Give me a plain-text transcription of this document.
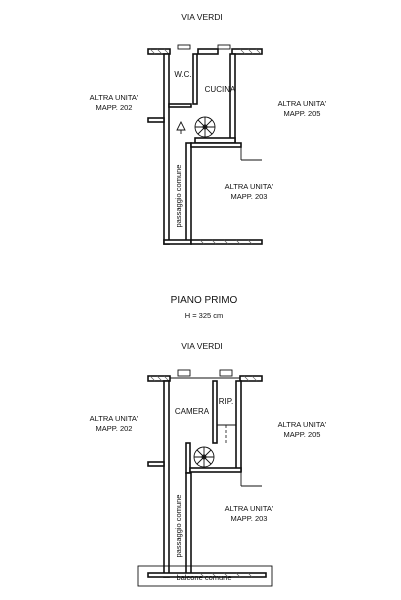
VIA VERDI
W.C.
CUCINA
ALTRA UNITA'
MAPP. 202	ALTRA UNITA'
MAPP. 205
ALTRA UNITA'
MAPP. 203
passaggio comune
PIANO PRIMO
H = 325 cm
VIA VERDI
CAMERA
RIP.
ALTRA UNITA'
MAPP. 202	ALTRA UNITA'
MAPP. 205
ALTRA UNITA'
MAPP. 203
passaggio comune
balcone comune
